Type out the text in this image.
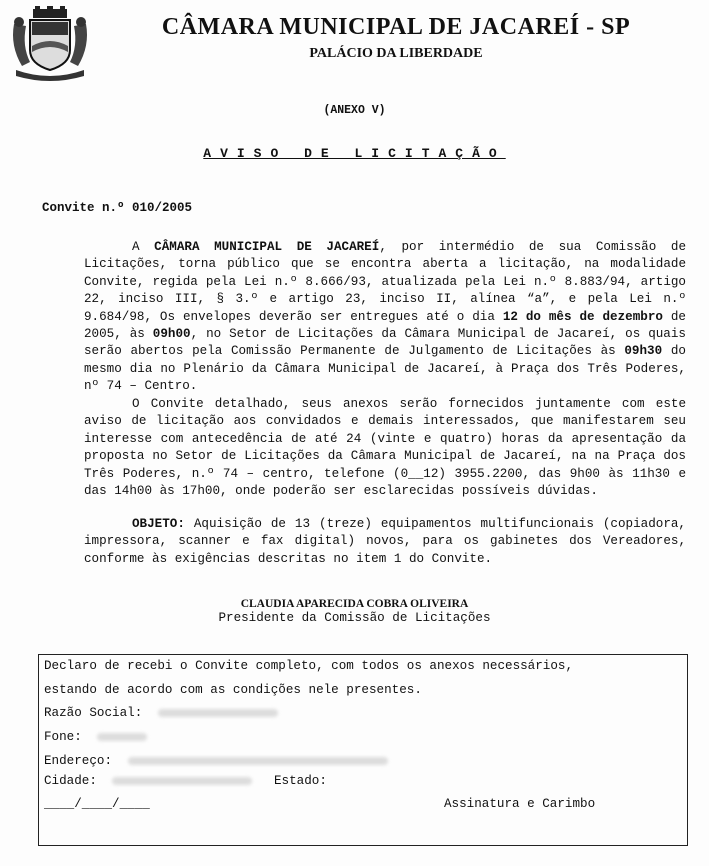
CÂMARA MUNICIPAL DE JACAREÍ - SP
PALÁCIO DA LIBERDADE
(ANEXO V)
AVISO DE LICITAÇÃO
Convite n.º 010/2005
A CÂMARA MUNICIPAL DE JACAREÍ, por intermédio de sua Comissão de Licitações, torna público que se encontra aberta a licitação, na modalidade Convite, regida pela Lei n.º 8.666/93, atualizada pela Lei n.º 8.883/94, artigo 22, inciso III, § 3.º e artigo 23, inciso II, alínea “a”, e pela Lei n.º 9.684/98, Os envelopes deverão ser entregues até o dia 12 do mês de dezembro de 2005, às 09h00, no Setor de Licitações da Câmara Municipal de Jacareí, os quais serão abertos pela Comissão Permanente de Julgamento de Licitações às 09h30 do mesmo dia no Plenário da Câmara Municipal de Jacareí, à Praça dos Três Poderes, nº 74 – Centro.
O Convite detalhado, seus anexos serão fornecidos juntamente com este aviso de licitação aos convidados e demais interessados, que manifestarem seu interesse com antecedência de até 24 (vinte e quatro) horas da apresentação da proposta no Setor de Licitações da Câmara Municipal de Jacareí, na na Praça dos Três Poderes, n.º 74 – centro, telefone (0__12) 3955.2200, das 9h00 às 11h30 e das 14h00 às 17h00, onde poderão ser esclarecidas possíveis dúvidas.
OBJETO: Aquisição de 13 (treze) equipamentos multifuncionais (copiadora, impressora, scanner e fax digital) novos, para os gabinetes dos Vereadores, conforme às exigências descritas no item 1 do Convite.
CLAUDIA APARECIDA COBRA OLIVEIRA
Presidente da Comissão de Licitações
Declaro de recebi o Convite completo, com todos os anexos necessários,
estando de acordo com as condições nele presentes.
Razão Social:
Fone:
Endereço:
Cidade:	Estado:
____/____/____	Assinatura e Carimbo
